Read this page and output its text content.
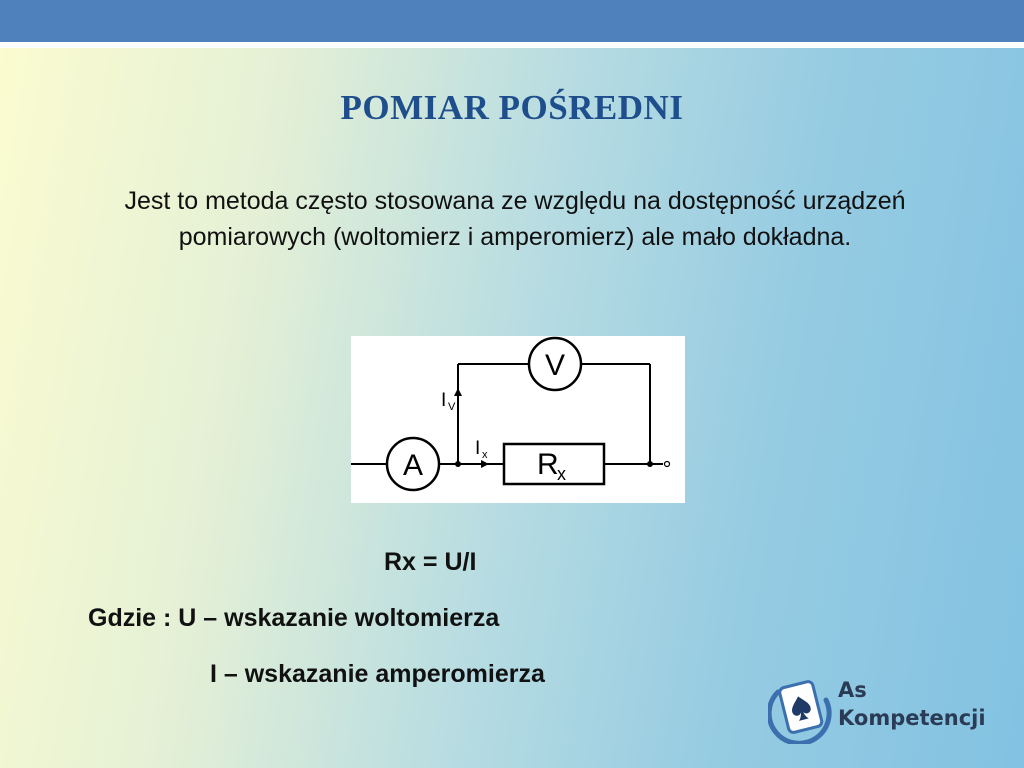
POMIAR POŚREDNI

Jest to metoda często stosowana ze względu na dostępność urządzeń pomiarowych (woltomierz i amperomierz) ale mało dokładna.

A
V
R
x
I V
I x
Rx = U/I
Gdzie : U – wskazanie woltomierza
I – wskazanie amperomierza
As
Kompetencji
